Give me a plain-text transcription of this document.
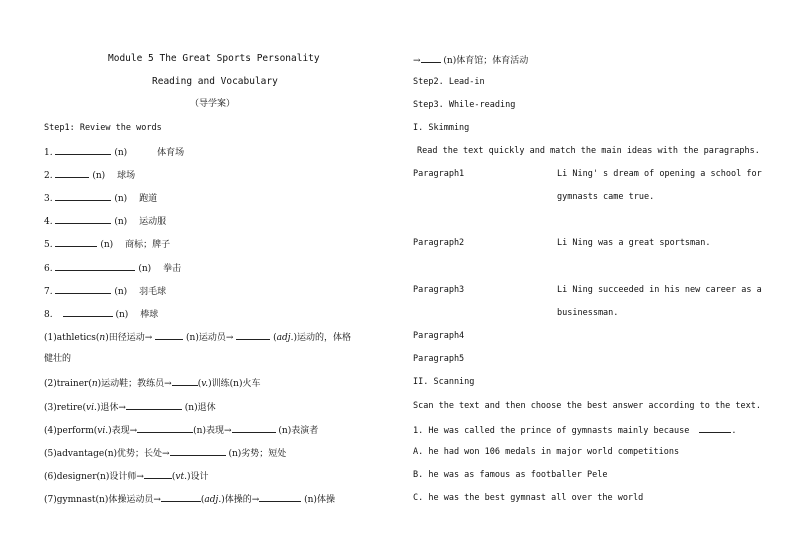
Module 5 The Great Sports Personality
Reading and Vocabulary
（导学案）
Step1: Review the words
1.	(n)	体育场
2.	(n) 球场
3.	(n) 跑道
4.	(n) 运动服
5.	(n) 商标；牌子
6.	(n) 拳击
7.	(n) 羽毛球
8.	(n) 棒球
(1)athletics(n)田径运动→	(n)运动员→	(adj.)运动的，体格
健壮的
(2)trainer(n)运动鞋；教练员→	(v.)训练(n)火车
(3)retire(vi.)退休→	(n)退休
(4)perform(vi.)表现→	(n)表现→	(n)表演者
(5)advantage(n)优势；长处→	(n)劣势；短处
(6)designer(n)设计师→	(vt.)设计
(7)gymnast(n)体操运动员→	(adj.)体操的→	(n)体操
→	(n)体育馆；体育活动
Step2. Lead-in
Step3. While-reading
I. Skimming
Read the text quickly and match the main ideas with the paragraphs.
Paragraph1	Li Ning' s dream of opening a school for
gymnasts came true.
Paragraph2	Li Ning was a great sportsman.
Paragraph3	Li Ning succeeded in his new career as a
businessman.
Paragraph4
Paragraph5
II. Scanning
Scan the text and then choose the best answer according to the text.
1. He was called the prince of gymnasts mainly because	.
A. he had won 106 medals in major world competitions
B. he was as famous as footballer Pele
C. he was the best gymnast all over the world
